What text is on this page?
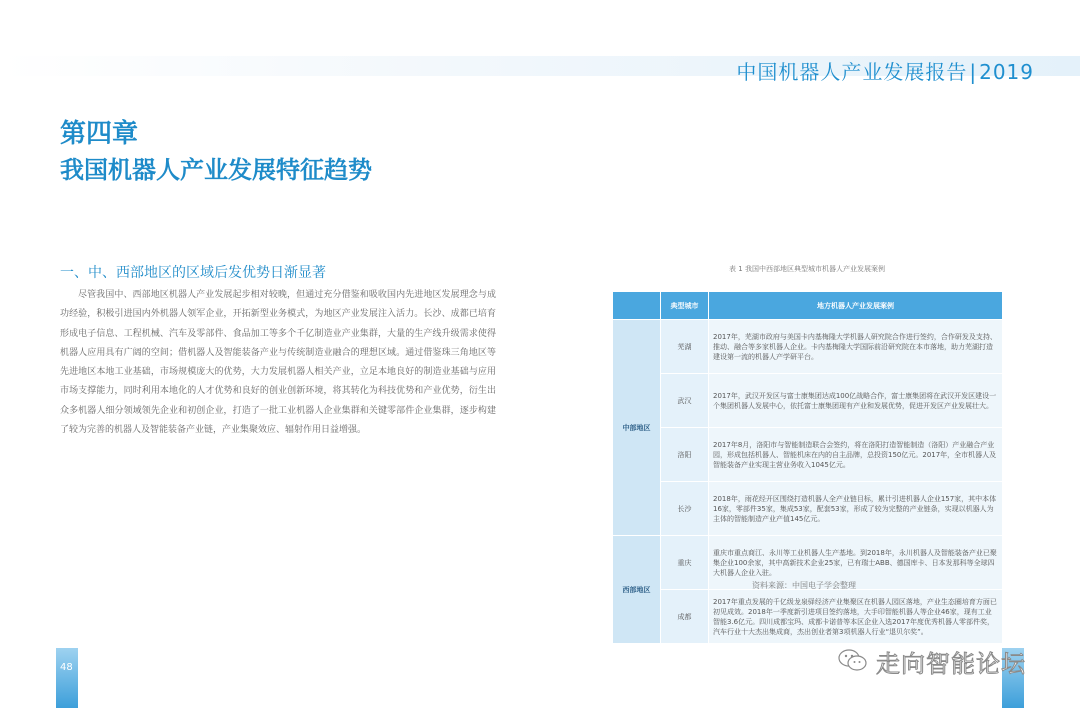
中国机器人产业发展报告 | 2019
第四章
我国机器人产业发展特征趋势
一、中、西部地区的区域后发优势日渐显著
尽管我国中、西部地区机器人产业发展起步相对较晚，但通过充分借鉴和吸收国内先进地区发展理念与成功经验，积极引进国内外机器人领军企业，开拓新型业务模式，为地区产业发展注入活力。长沙、成都已培育形成电子信息、工程机械、汽车及零部件、食品加工等多个千亿制造业产业集群，大量的生产线升级需求使得机器人应用具有广阔的空间；借机器人及智能装备产业与传统制造业融合的理想区域。通过借鉴珠三角地区等先进地区本地工业基础，市场规模庞大的优势，大力发展机器人相关产业，立足本地良好的制造业基础与应用市场支撑能力，同时利用本地化的人才优势和良好的创业创新环境，将其转化为科技优势和产业优势，衍生出众多机器人细分领域领先企业和初创企业，打造了一批工业机器人企业集群和关键零部件企业集群，逐步构建了较为完善的机器人及智能装备产业链，产业集聚效应、辐射作用日益增强。
表 1 我国中西部地区典型城市机器人产业发展案例
	典型城市	地方机器人产业发展案例
中部地区	芜湖	2017年，芜湖市政府与美国卡内基梅隆大学机器人研究院合作进行签约，合作研发及支持、推动、融合等多家机器人企业。卡内基梅隆大学国际前沿研究院在本市落地，助力芜湖打造建设第一流的机器人产学研平台。
	武汉	2017年，武汉开发区与富士康集团达成100亿战略合作，富士康集团将在武汉开发区建设一个集团机器人发展中心，依托富士康集团现有产业和发展优势，促进开发区产业发展壮大。
	洛阳	2017年8月，洛阳市与智能制造联合会签约，将在洛阳打造智能制造（洛阳）产业融合产业园，形成包括机器人、智能机床在内的自主品牌，总投资150亿元。2017年，全市机器人及智能装备产业实现主营业务收入1045亿元。
	长沙	2018年，雨花经开区围绕打造机器人全产业链目标，累计引进机器人企业157家，其中本体16家，零部件35家，集成53家，配套53家，形成了较为完整的产业链条，实现以机器人为主体的智能制造产业产值145亿元。
西部地区	重庆	重庆市重点商江、永川等工业机器人生产基地。到2018年，永川机器人及智能装备产业已聚集企业100余家，其中高新技术企业25家，已有瑞士ABB、德国库卡、日本发那科等全球四大机器人企业入驻。
	成都	2017年重点发展的千亿级龙泉驿经济产业集聚区在机器人园区落地，产业生态圈培育方面已初见成效。2018年一季度新引进项目签约落地，大手印智能机器人等企业46家，现有工业智能3.6亿元。四川成都宝玛、成都卡诺普等本区企业入选2017年度优秀机器人零部件奖，汽车行业十大杰出集成商，杰出创业者第3项机器人行业“退贝尔奖”。
资料来源：中国电子学会整理
48	走向智能论坛
